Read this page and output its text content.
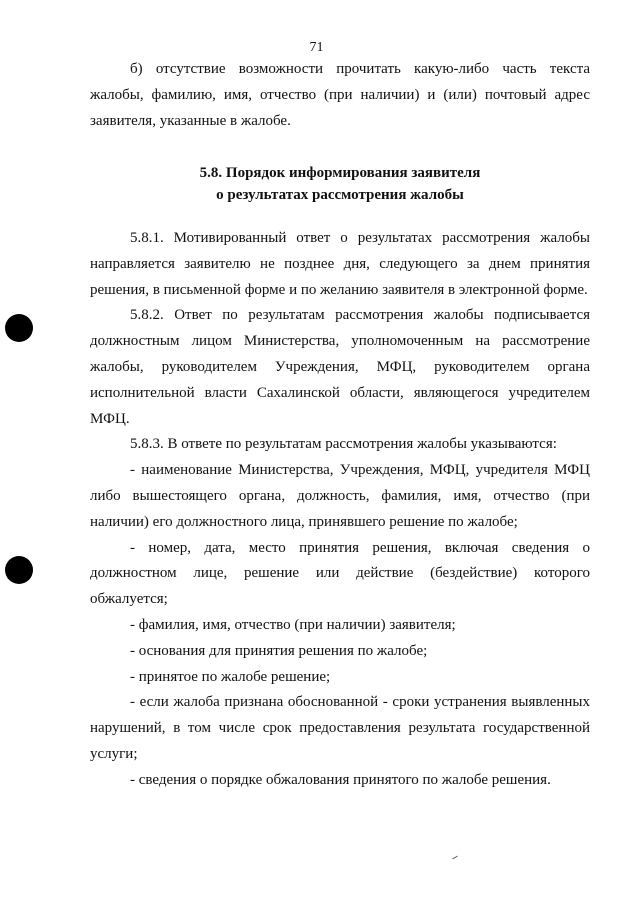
71

б) отсутствие возможности прочитать какую-либо часть текста жалобы, фамилию, имя, отчество (при наличии) и (или) почтовый адрес заявителя, указанные в жалобе.

5.8. Порядок информирования заявителя
о результатах рассмотрения жалобы

5.8.1. Мотивированный ответ о результатах рассмотрения жалобы направляется заявителю не позднее дня, следующего за днем принятия решения, в письменной форме и по желанию заявителя в электронной форме.

5.8.2. Ответ по результатам рассмотрения жалобы подписывается должностным лицом Министерства, уполномоченным на рассмотрение жалобы, руководителем Учреждения, МФЦ, руководителем органа исполнительной власти Сахалинской области, являющегося учредителем МФЦ.

5.8.3. В ответе по результатам рассмотрения жалобы указываются:

- наименование Министерства, Учреждения, МФЦ, учредителя МФЦ либо вышестоящего органа, должность, фамилия, имя, отчество (при наличии) его должностного лица, принявшего решение по жалобе;

- номер, дата, место принятия решения, включая сведения о должностном лице, решение или действие (бездействие) которого обжалуется;

- фамилия, имя, отчество (при наличии) заявителя;

- основания для принятия решения по жалобе;

- принятое по жалобе решение;

- если жалоба признана обоснованной - сроки устранения выявленных нарушений, в том числе срок предоставления результата государственной услуги;

- сведения о порядке обжалования принятого по жалобе решения.
